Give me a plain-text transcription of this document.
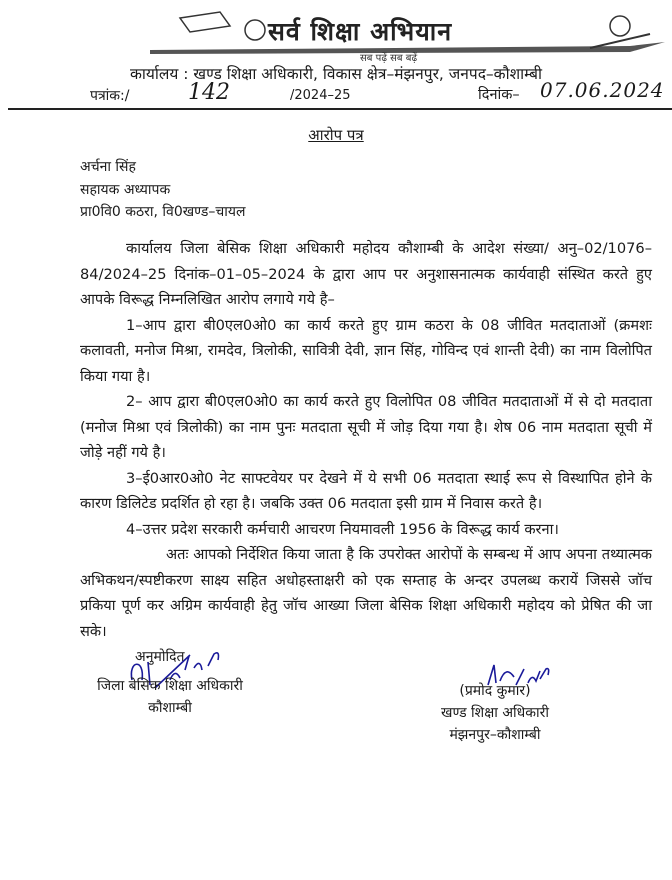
सर्व शिक्षा अभियान
सब पढ़ें सब बढ़ें
कार्यालय : खण्ड शिक्षा अधिकारी, विकास क्षेत्र–मंझनपुर, जनपद–कौशाम्बी
पत्रांक:/	142	/2024–25	दिनांक– 07.06.2024
आरोप पत्र
अर्चना सिंह
सहायक अध्यापक
प्रा0वि0 कठरा, वि0खण्ड–चायल

कार्यालय जिला बेसिक शिक्षा अधिकारी महोदय कौशाम्बी के आदेश संख्या/ अनु–02/1076–84/2024–25 दिनांक–01–05–2024 के द्वारा आप पर अनुशासनात्मक कार्यवाही संस्थित करते हुए आपके विरूद्ध निम्नलिखित आरोप लगाये गये है–

1–आप द्वारा बी0एल0ओ0 का कार्य करते हुए ग्राम कठरा के 08 जीवित मतदाताओं (क्रमशः कलावती, मनोज मिश्रा, रामदेव, त्रिलोकी, सावित्री देवी, ज्ञान सिंह, गोविन्द एवं शान्ती देवी) का नाम विलोपित किया गया है।

2– आप द्वारा बी0एल0ओ0 का कार्य करते हुए विलोपित 08 जीवित मतदाताओं में से दो मतदाता (मनोज मिश्रा एवं त्रिलोकी) का नाम पुनः मतदाता सूची में जोड़ दिया गया है। शेष 06 नाम मतदाता सूची में जोड़े नहीं गये है।

3–ई0आर0ओ0 नेट साफ्टवेयर पर देखने में ये सभी 06 मतदाता स्थाई रूप से विस्थापित होने के कारण डिलिटेड प्रदर्शित हो रहा है। जबकि उक्त 06 मतदाता इसी ग्राम में निवास करते है।

4–उत्तर प्रदेश सरकारी कर्मचारी आचरण नियमावली 1956 के विरूद्ध कार्य करना।

अतः आपको निर्देशित किया जाता है कि उपरोक्त आरोपों के सम्बन्ध में आप अपना तथ्यात्मक अभिकथन/स्पष्टीकरण साक्ष्य सहित अधोहस्ताक्षरी को एक सम्ताह के अन्दर उपलब्ध करायें जिससे जॉच प्रकिया पूर्ण कर अग्रिम कार्यवाही हेतु जॉच आख्या जिला बेसिक शिक्षा अधिकारी महोदय को प्रेषित की जा सके।

अनुमोदित
जिला बेसिक शिक्षा अधिकारी
कौशाम्बी
(प्रमोद कुमार)
खण्ड शिक्षा अधिकारी
मंझनपुर–कौशाम्बी
